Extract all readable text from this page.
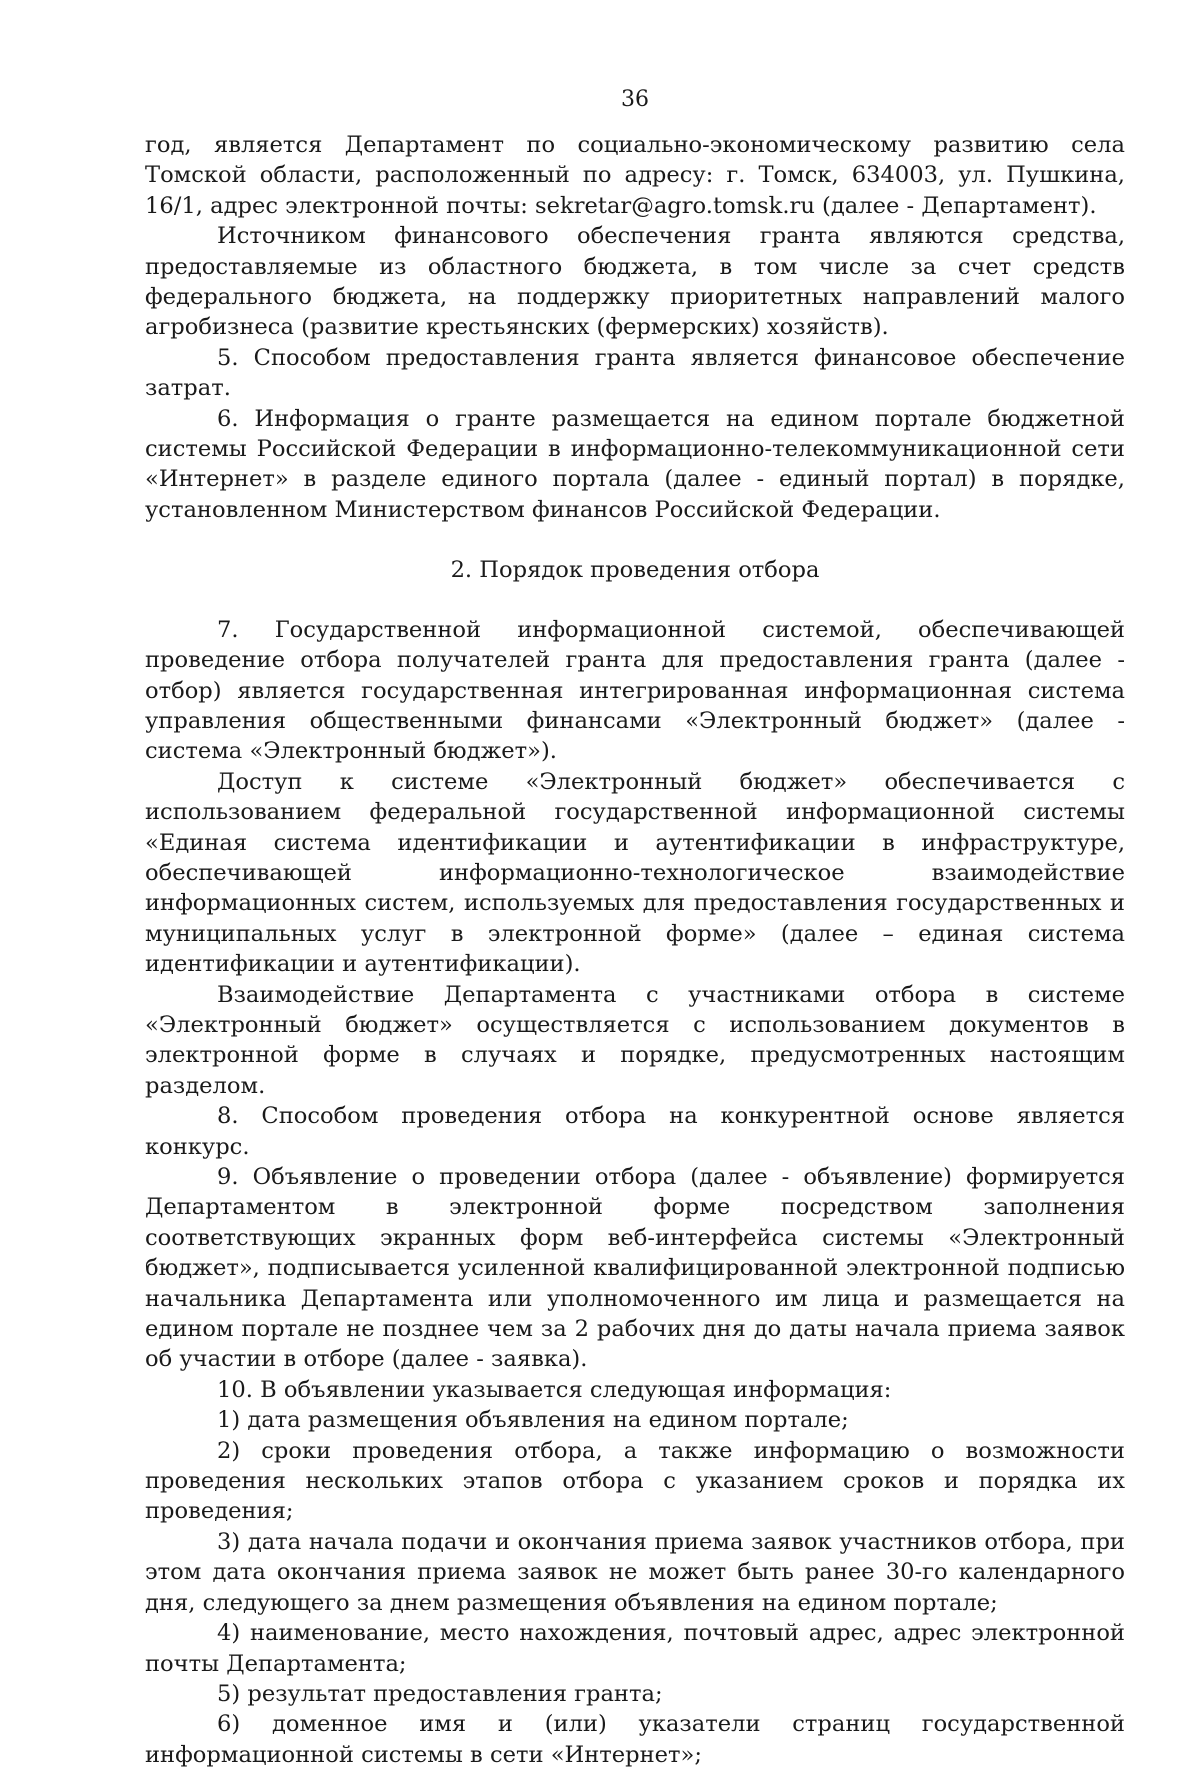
36

год, является Департамент по социально-экономическому развитию села Томской области, расположенный по адресу: г. Томск, 634003, ул. Пушкина, 16/1, адрес электронной почты: sekretar@agro.tomsk.ru (далее - Департамент).

Источником финансового обеспечения гранта являются средства, предоставляемые из областного бюджета, в том числе за счет средств федерального бюджета, на поддержку приоритетных направлений малого агробизнеса (развитие крестьянских (фермерских) хозяйств).

5. Способом предоставления гранта является финансовое обеспечение затрат.

6. Информация о гранте размещается на едином портале бюджетной системы Российской Федерации в информационно-телекоммуникационной сети «Интернет» в разделе единого портала (далее - единый портал) в порядке, установленном Министерством финансов Российской Федерации.

2. Порядок проведения отбора

7. Государственной информационной системой, обеспечивающей проведение отбора получателей гранта для предоставления гранта (далее - отбор) является государственная интегрированная информационная система управления общественными финансами «Электронный бюджет» (далее - система «Электронный бюджет»).

Доступ к системе «Электронный бюджет» обеспечивается с использованием федеральной государственной информационной системы «Единая система идентификации и аутентификации в инфраструктуре, обеспечивающей информационно-технологическое взаимодействие информационных систем, используемых для предоставления государственных и муниципальных услуг в электронной форме» (далее – единая система идентификации и аутентификации).

Взаимодействие Департамента с участниками отбора в системе «Электронный бюджет» осуществляется с использованием документов в электронной форме в случаях и порядке, предусмотренных настоящим разделом.

8. Способом проведения отбора на конкурентной основе является конкурс.

9. Объявление о проведении отбора (далее - объявление) формируется Департаментом в электронной форме посредством заполнения соответствующих экранных форм веб-интерфейса системы «Электронный бюджет», подписывается усиленной квалифицированной электронной подписью начальника Департамента или уполномоченного им лица и размещается на едином портале не позднее чем за 2 рабочих дня до даты начала приема заявок об участии в отборе (далее - заявка).

10. В объявлении указывается следующая информация:

1) дата размещения объявления на едином портале;

2) сроки проведения отбора, а также информацию о возможности проведения нескольких этапов отбора с указанием сроков и порядка их проведения;

3) дата начала подачи и окончания приема заявок участников отбора, при этом дата окончания приема заявок не может быть ранее 30-го календарного дня, следующего за днем размещения объявления на едином портале;

4) наименование, место нахождения, почтовый адрес, адрес электронной почты Департамента;

5) результат предоставления гранта;

6) доменное имя и (или) указатели страниц государственной информационной системы в сети «Интернет»;
